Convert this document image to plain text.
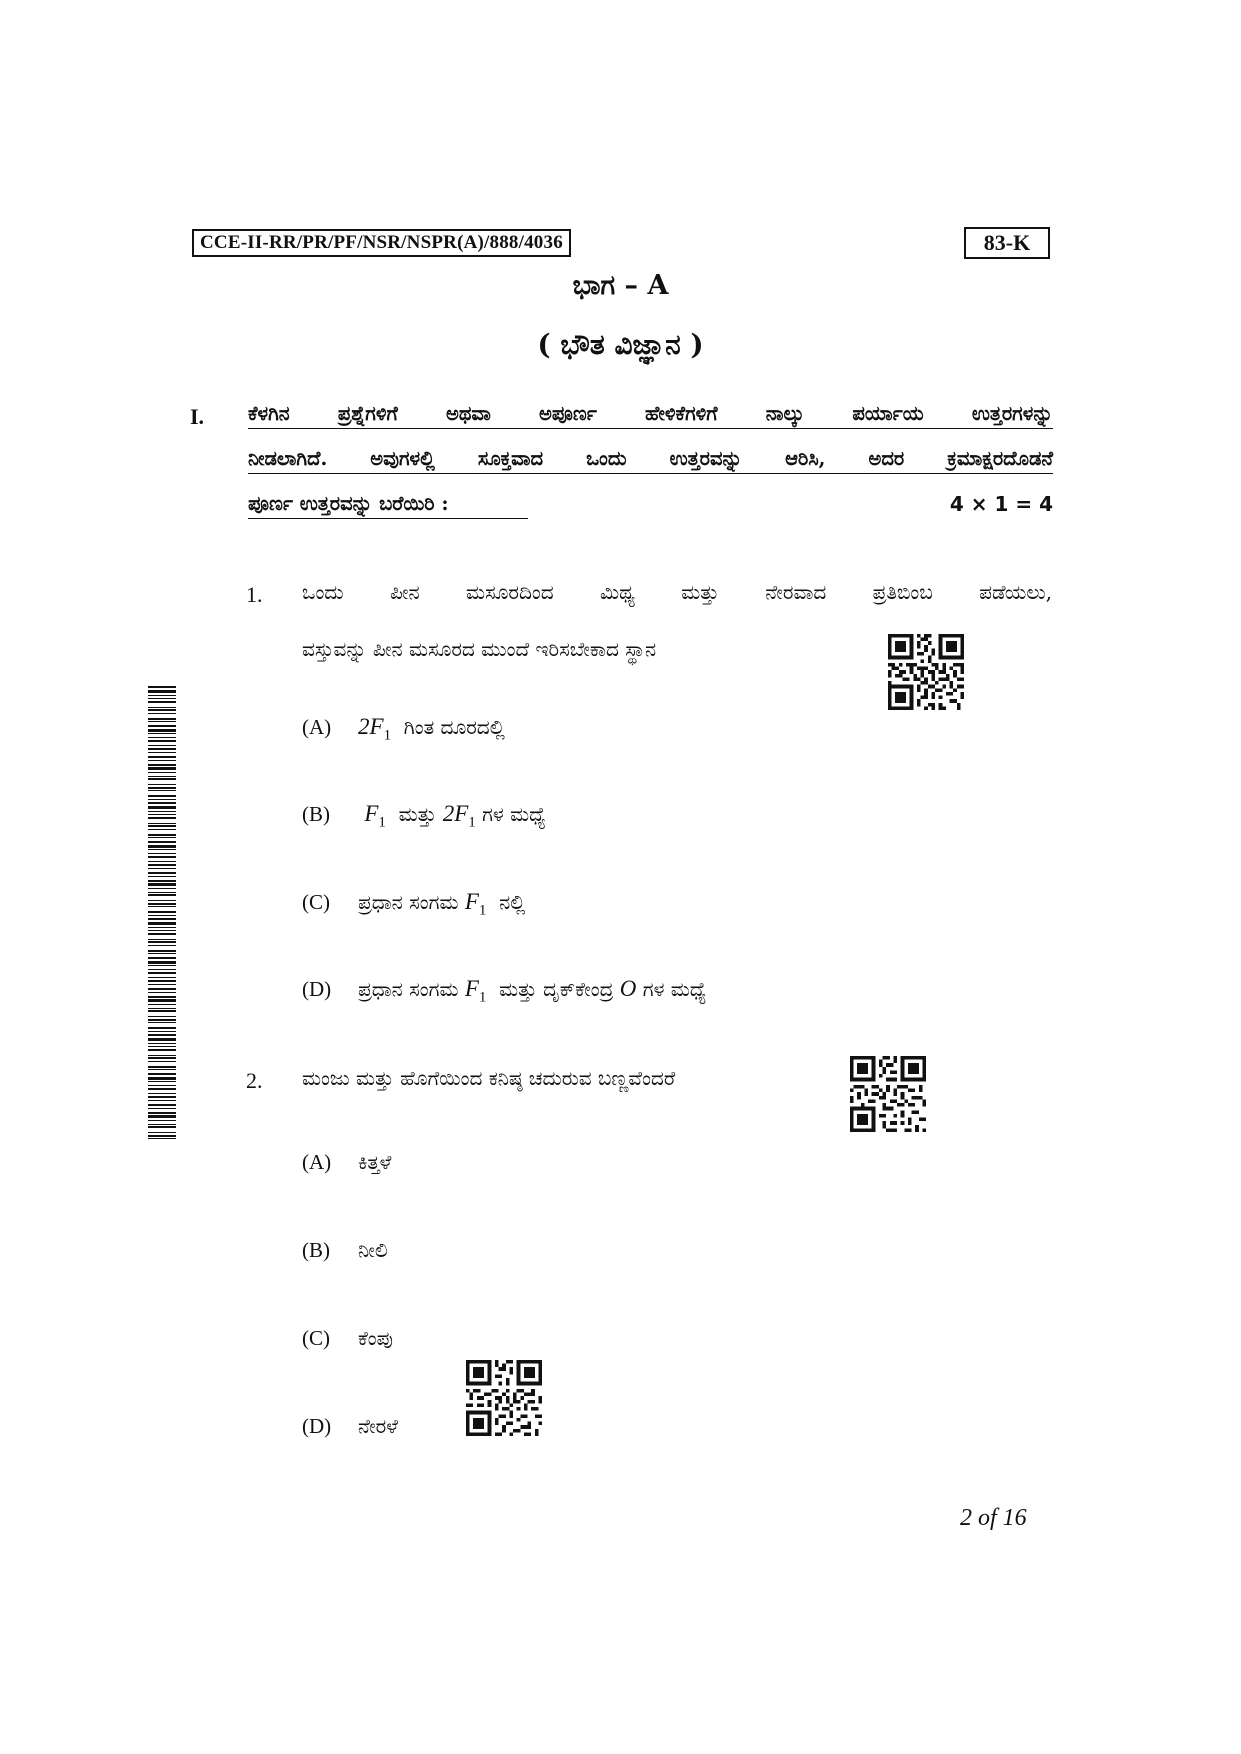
CCE-II-RR/PR/PF/NSR/NSPR(A)/888/4036	83-K
ಭಾಗ – A
( ಭೌತ ವಿಜ್ಞಾನ )
I. ಕೆಳಗಿನ ಪ್ರಶ್ನೆಗಳಿಗೆ ಅಥವಾ ಅಪೂರ್ಣ ಹೇಳಿಕೆಗಳಿಗೆ ನಾಲ್ಕು ಪರ್ಯಾಯ ಉತ್ತರಗಳನ್ನು
ನೀಡಲಾಗಿದೆ. ಅವುಗಳಲ್ಲಿ ಸೂಕ್ತವಾದ ಒಂದು ಉತ್ತರವನ್ನು ಆರಿಸಿ, ಅದರ ಕ್ರಮಾಕ್ಷರದೊಡನೆ
ಪೂರ್ಣ ಉತ್ತರವನ್ನು ಬರೆಯಿರಿ :	4 × 1 = 4
1. ಒಂದು ಪೀನ ಮಸೂರದಿಂದ ಮಿಥ್ಯ ಮತ್ತು ನೇರವಾದ ಪ್ರತಿಬಿಂಬ ಪಡೆಯಲು,
ವಸ್ತುವನ್ನು ಪೀನ ಮಸೂರದ ಮುಂದೆ ಇರಿಸಬೇಕಾದ ಸ್ಥಾನ
(A) $2F_1$ ಗಿಂತ ದೂರದಲ್ಲಿ
(B) $F_1$ ಮತ್ತು $2F_1$ ಗಳ ಮಧ್ಯೆ
(C) ಪ್ರಧಾನ ಸಂಗಮ $F_1$ ನಲ್ಲಿ
(D) ಪ್ರಧಾನ ಸಂಗಮ $F_1$ ಮತ್ತು ದೃಕ್‌ಕೇಂದ್ರ O ಗಳ ಮಧ್ಯೆ
2. ಮಂಜು ಮತ್ತು ಹೊಗೆಯಿಂದ ಕನಿಷ್ಠ ಚದುರುವ ಬಣ್ಣವೆಂದರೆ
(A) ಕಿತ್ತಳೆ
(B) ನೀಲಿ
(C) ಕೆಂಪು
(D) ನೇರಳೆ
2 of 16
